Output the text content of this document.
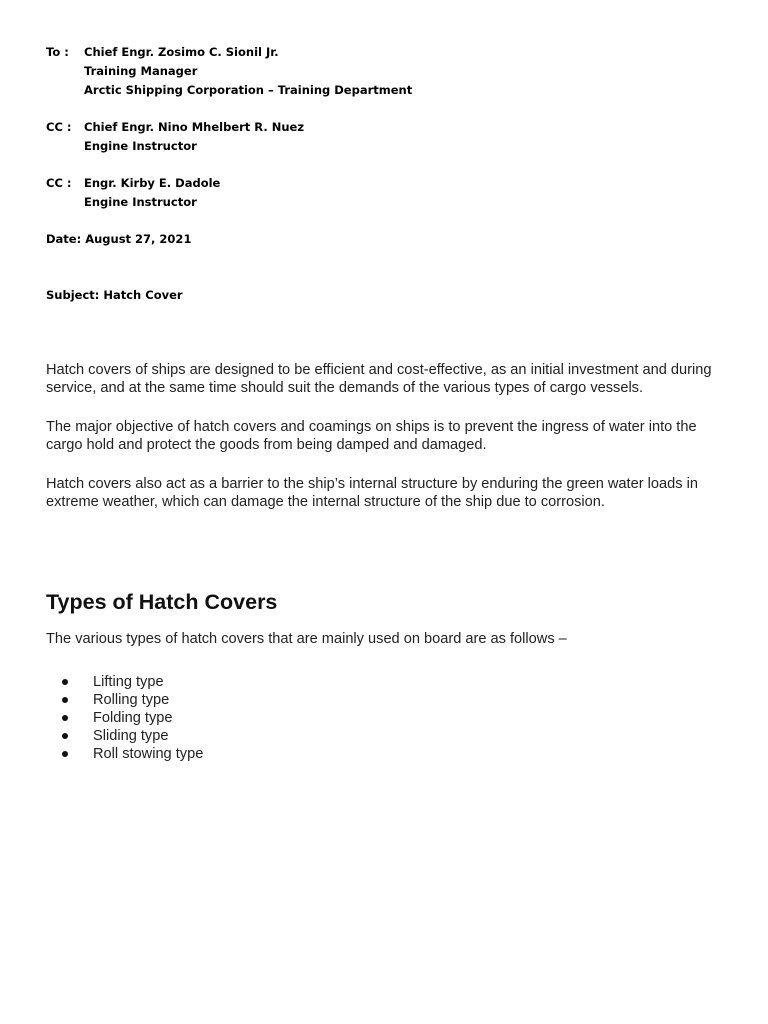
To :	Chief Engr. Zosimo C. Sionil Jr.
Training Manager
Arctic Shipping Corporation – Training Department
CC :	Chief Engr. Nino Mhelbert R. Nuez
Engine Instructor
CC :	Engr. Kirby E. Dadole
Engine Instructor
Date: August 27, 2021
Subject: Hatch Cover

Hatch covers of ships are designed to be efficient and cost-effective, as an initial investment and during service, and at the same time should suit the demands of the various types of cargo vessels.

The major objective of hatch covers and coamings on ships is to prevent the ingress of water into the cargo hold and protect the goods from being damped and damaged.

Hatch covers also act as a barrier to the ship’s internal structure by enduring the green water loads in extreme weather, which can damage the internal structure of the ship due to corrosion.

Types of Hatch Covers

The various types of hatch covers that are mainly used on board are as follows –

Lifting type
Rolling type
Folding type
Sliding type
Roll stowing type
